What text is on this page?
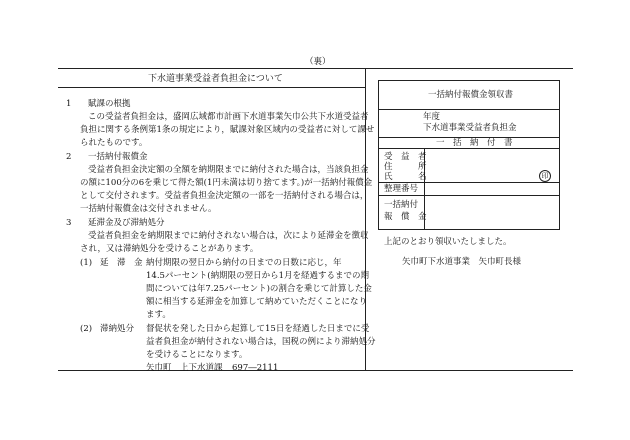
（裏）
下水道事業受益者負担金について
1 賦課の根拠
この受益者負担金は，盛岡広域都市計画下水道事業矢巾公共下水道受益者
負担に関する条例第1条の規定により，賦課対象区域内の受益者に対して課せ
られたものです。
2 一括納付報償金
受益者負担金決定額の全額を納期限までに納付された場合は，当該負担金
の額に100分の6を乗じて得た額(1円未満は切り捨てます。)が一括納付報償金
として交付されます。受益者負担金決定額の一部を一括納付される場合は，
一括納付報償金は交付されません。
3 延滞金及び滞納処分
受益者負担金を納期限までに納付されない場合は，次により延滞金を徴収
され，又は滞納処分を受けることがあります。
(1) 延　滞　金 納付期限の翌日から納付の日までの日数に応じ，年
14.5パーセント(納期限の翌日から1月を経過するまでの期
間については年7.25パーセント)の割合を乗じて計算した金
額に相当する延滞金を加算して納めていただくことになり
ます。
(2) 滞納処分 督促状を発した日から起算して15日を経過した日までに受
益者負担金が納付されない場合は，国税の例により滞納処分
を受けることになります。
矢巾町 上下水道課 697―2111
一括納付報償金領収書
年度
下水道事業受益者負担金
一　括　納　付　書
受　益　者
住　　　所
氏　　　名	印
整理番号
一括納付
報　償　金
上記のとおり領収いたしました。
矢巾町下水道事業　矢巾町長様
